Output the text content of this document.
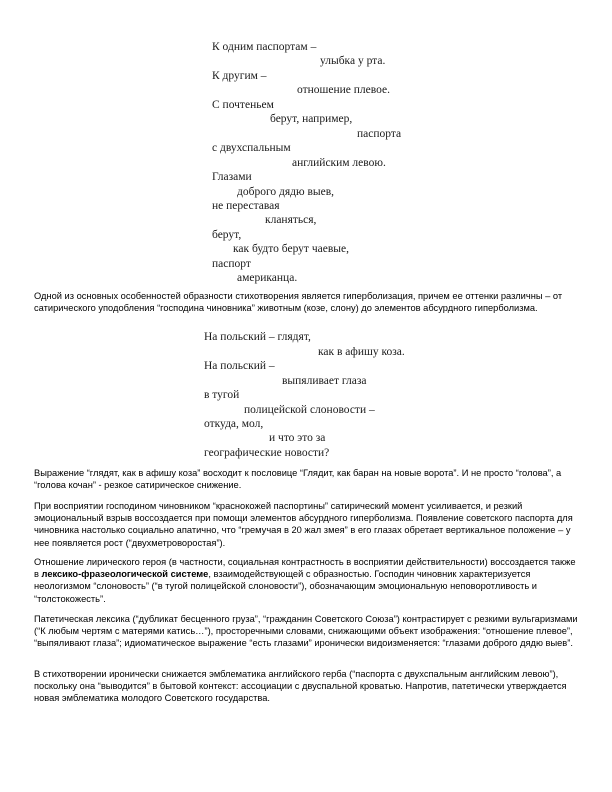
К одним паспортам –
улыбка у рта.
К другим –
отношение плевое.
С почтеньем
берут, например,
паспорта
с двухспальным
английским левою.
Глазами
доброго дядю выев,
не переставая
кланяться,
берут,
как будто берут чаевые,
паспорт
американца.
Одной из основных особенностей образности стихотворения является гиперболизация, причем ее оттенки различны – от сатирического уподобления “господина чиновника” животным (козе, слону) до элементов абсурдного гиперболизма.
На польский – глядят,
как в афишу коза.
На польский –
выпяливает глаза
в тугой
полицейской слоновости –
откуда, мол,
и что это за
географические новости?
Выражение “глядят, как в афишу коза” восходит к пословице “Глядит, как баран на новые ворота”. И не просто “голова”, а “голова кочан” - резкое сатирическое снижение.
При восприятии господином чиновником “краснокожей паспортины” сатирический момент усиливается, и резкий эмоциональный взрыв воссоздается при помощи элементов абсурдного гиперболизма. Появление советского паспорта для чиновника настолько социально апатично, что “гремучая в 20 жал змея” в его глазах обретает вертикальное положение – у нее появляется рост (“двухметроворостая”).
Отношение лирического героя (в частности, социальная контрастность в восприятии действительности) воссоздается также в лексико-фразеологической системе, взаимодействующей с образностью. Господин чиновник характеризуется неологизмом “слоновость” (“в тугой полицейской слоновости”), обозначающим эмоциональную неповоротливость и “толстокожесть”.
Патетическая лексика (“дубликат бесценного груза”, “гражданин Советского Союза”) контрастирует с резкими вульгаризмами (“К любым чертям с матерями катись…”), просторечными словами, снижающими объект изображения: “отношение плевое”, “выпяливают глаза”; идиоматическое выражение “есть глазами” иронически видоизменяется: “глазами доброго дядю выев”.
В стихотворении иронически снижается эмблематика английского герба (“паспорта с двухспальным английским левою”), поскольку она “выводится” в бытовой контекст: ассоциации с двуспальной кроватью. Напротив, патетически утверждается новая эмблематика молодого Советского государства.
